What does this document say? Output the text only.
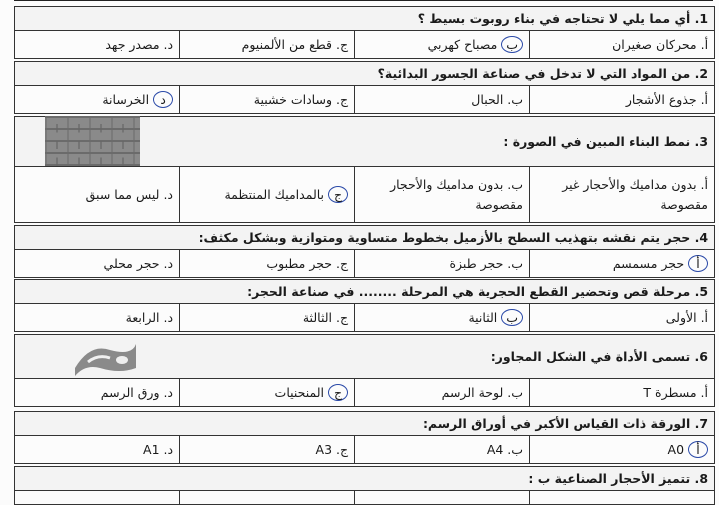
1. أي مما يلي لا تحتاجه في بناء روبوت بسيط ؟
أ. محركان صغيران	ب مصباح كهربي	ج. قطع من الألمنيوم	د. مصدر جهد
2. من المواد التي لا تدخل في صناعة الجسور البدائية؟
أ. جذوع الأشجار	ب. الحبال	ج. وسادات خشبية	د الخرسانة
3. نمط البناء المبين في الصورة :
أ. بدون مداميك والأحجار غير مقصوصة	ب. بدون مداميك والأحجار مقصوصة	ج بالمداميك المنتظمة	د. ليس مما سبق
4. حجر يتم نقشه بتهذيب السطح بالأزميل بخطوط متساوية ومتوازية وبشكل مكثف:
أ حجر مسمسم	ب. حجر طبزة	ج. حجر مطبوب	د. حجر محلي
5. مرحلة قص وتحضير القطع الحجرية هي المرحلة ........ في صناعة الحجر:
أ. الأولى	ب الثانية	ج. الثالثة	د. الرابعة
6. تسمى الأداة في الشكل المجاور:
أ. مسطرة T	ب. لوحة الرسم	ج المنحنيات	د. ورق الرسم
7. الورقة ذات القياس الأكبر في أوراق الرسم:
أ A0	ب. A4	ج. A3	د. A1
8. تتميز الأحجار الصناعية ب :
